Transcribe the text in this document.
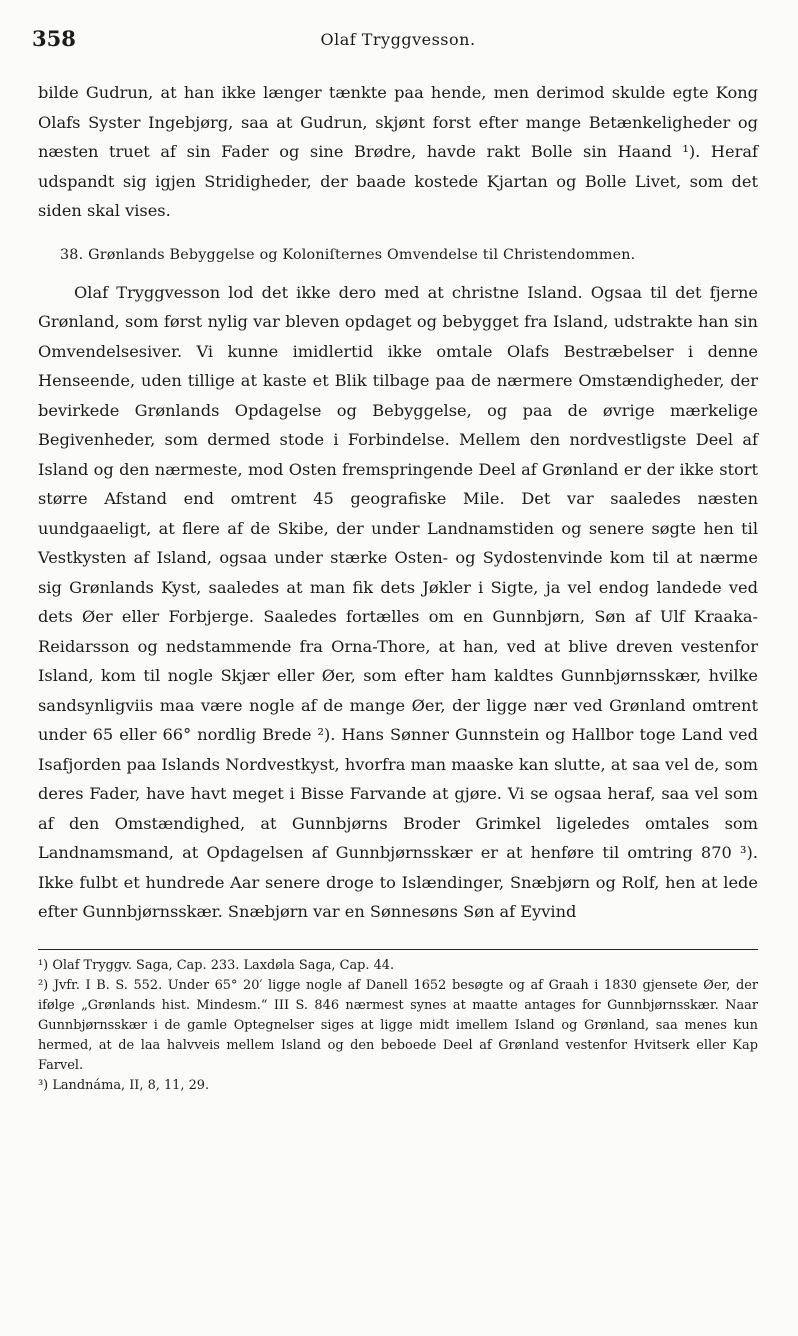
358	Olaf Tryggvesson.

bilde Gudrun, at han ikke længer tænkte paa hende, men derimod skulde egte Kong Olafs Syster Ingebjørg, saa at Gudrun, skjønt forst efter mange Betænkeligheder og næsten truet af sin Fader og sine Brødre, havde rakt Bolle sin Haand ¹). Heraf udspandt sig igjen Stridigheder, der baade kostede Kjartan og Bolle Livet, som det siden skal vises.

38. Grønlands Bebyggelse og Koloniſternes Omvendelse til Christendommen.

Olaf Tryggvesson lod det ikke dero med at christne Island. Ogsaa til det fjerne Grønland, som først nylig var bleven opdaget og bebygget fra Island, udstrakte han sin Omvendelsesiver. Vi kunne imidlertid ikke omtale Olafs Bestræbelser i denne Henseende, uden tillige at kaste et Blik tilbage paa de nærmere Omstændigheder, der bevirkede Grønlands Opdagelse og Bebyggelse, og paa de øvrige mærkelige Begivenheder, som dermed stode i Forbindelse. Mellem den nordvestligste Deel af Island og den nærmeste, mod Osten fremspringende Deel af Grønland er der ikke stort større Afstand end omtrent 45 geografiske Mile. Det var saaledes næsten uundgaaeligt, at flere af de Skibe, der under Landnamstiden og senere søgte hen til Vestkysten af Island, ogsaa under stærke Osten- og Sydostenvinde kom til at nærme sig Grønlands Kyst, saaledes at man fik dets Jøkler i Sigte, ja vel endog landede ved dets Øer eller Forbjerge. Saaledes fortælles om en Gunnbjørn, Søn af Ulf Kraaka-Reidarsson og nedstammende fra Orna-Thore, at han, ved at blive dreven vestenfor Island, kom til nogle Skjær eller Øer, som efter ham kaldtes Gunnbjørnsskær, hvilke sandsynligviis maa være nogle af de mange Øer, der ligge nær ved Grønland omtrent under 65 eller 66° nordlig Brede ²). Hans Sønner Gunnstein og Hallbor toge Land ved Isafjorden paa Islands Nordvestkyst, hvorfra man maaske kan slutte, at saa vel de, som deres Fader, have havt meget i Bisse Farvande at gjøre. Vi se ogsaa heraf, saa vel som af den Omstændighed, at Gunnbjørns Broder Grimkel ligeledes omtales som Landnamsmand, at Opdagelsen af Gunnbjørnsskær er at henføre til omtring 870 ³). Ikke fulbt et hundrede Aar senere droge to Islændinger, Snæbjørn og Rolf, hen at lede efter Gunnbjørnsskær. Snæbjørn var en Sønnesøns Søn af Eyvind

¹) Olaf Tryggv. Saga, Cap. 233. Laxdøla Saga, Cap. 44.

²) Jvfr. I B. S. 552. Under 65° 20′ ligge nogle af Danell 1652 besøgte og af Graah i 1830 gjensete Øer, der ifølge „Grønlands hist. Mindesm.“ III S. 846 nærmest synes at maatte antages for Gunnbjørnsskær. Naar Gunnbjørnsskær i de gamle Optegnelser siges at ligge midt imellem Island og Grønland, saa menes kun hermed, at de laa halvveis mellem Island og den beboede Deel af Grønland vestenfor Hvitserk eller Kap Farvel.

³) Landnáma, II, 8, 11, 29.
